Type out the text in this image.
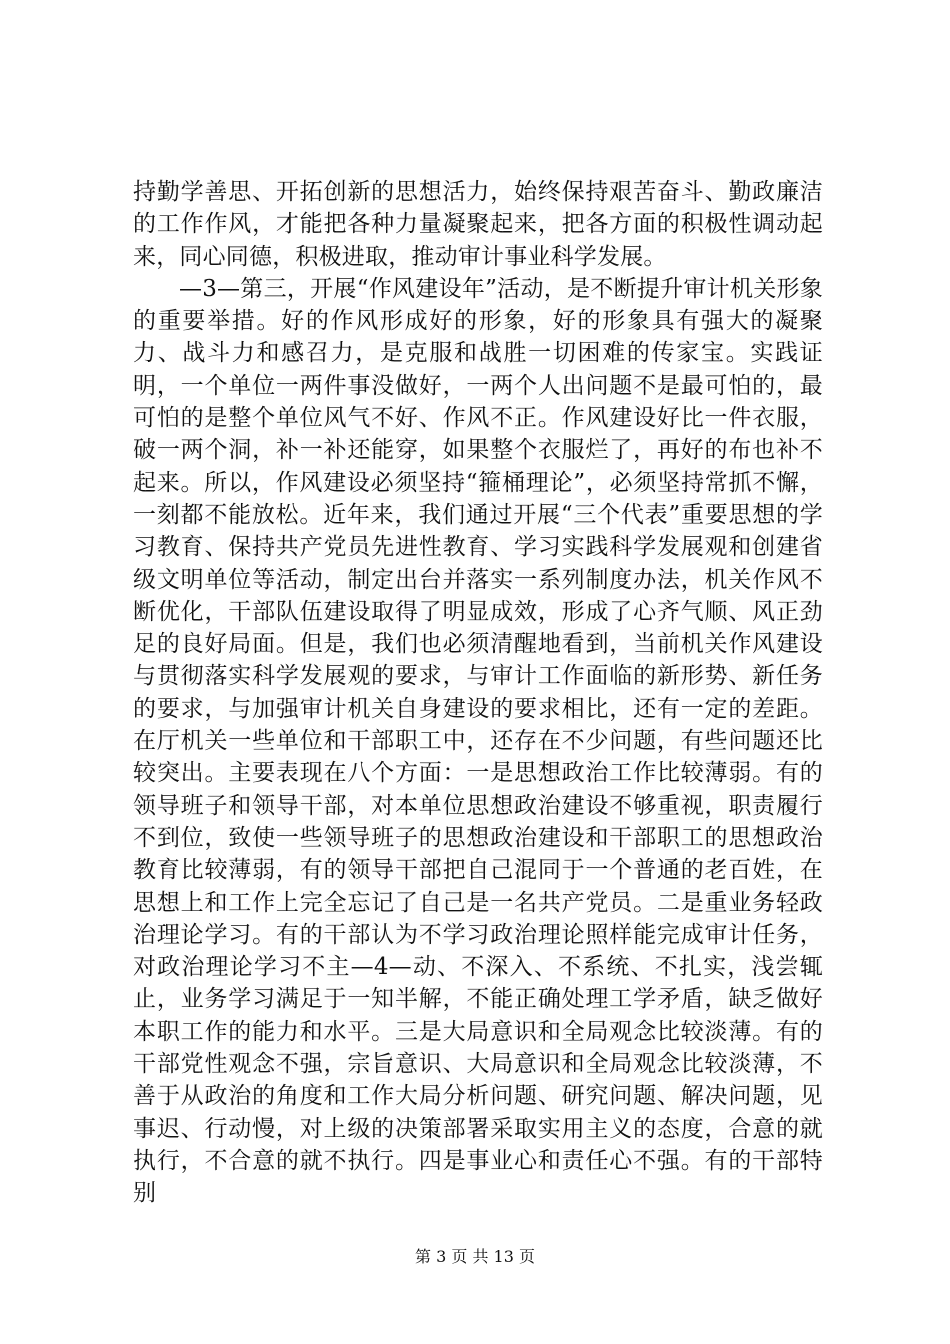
持勤学善思、开拓创新的思想活力，始终保持艰苦奋斗、勤政廉洁的工作作风，才能把各种力量凝聚起来，把各方面的积极性调动起来，同心同德，积极进取，推动审计事业科学发展。

—3—第三，开展“作风建设年”活动，是不断提升审计机关形象的重要举措。好的作风形成好的形象，好的形象具有强大的凝聚力、战斗力和感召力，是克服和战胜一切困难的传家宝。实践证明，一个单位一两件事没做好，一两个人出问题不是最可怕的，最可怕的是整个单位风气不好、作风不正。作风建设好比一件衣服，破一两个洞，补一补还能穿，如果整个衣服烂了，再好的布也补不起来。所以，作风建设必须坚持“箍桶理论”，必须坚持常抓不懈，一刻都不能放松。近年来，我们通过开展“三个代表”重要思想的学习教育、保持共产党员先进性教育、学习实践科学发展观和创建省级文明单位等活动，制定出台并落实一系列制度办法，机关作风不断优化，干部队伍建设取得了明显成效，形成了心齐气顺、风正劲足的良好局面。但是，我们也必须清醒地看到，当前机关作风建设与贯彻落实科学发展观的要求，与审计工作面临的新形势、新任务的要求，与加强审计机关自身建设的要求相比，还有一定的差距。在厅机关一些单位和干部职工中，还存在不少问题，有些问题还比较突出。主要表现在八个方面：一是思想政治工作比较薄弱。有的领导班子和领导干部，对本单位思想政治建设不够重视，职责履行不到位，致使一些领导班子的思想政治建设和干部职工的思想政治教育比较薄弱，有的领导干部把自己混同于一个普通的老百姓，在思想上和工作上完全忘记了自己是一名共产党员。二是重业务轻政治理论学习。有的干部认为不学习政治理论照样能完成审计任务，对政治理论学习不主—4—动、不深入、不系统、不扎实，浅尝辄止，业务学习满足于一知半解，不能正确处理工学矛盾，缺乏做好本职工作的能力和水平。三是大局意识和全局观念比较淡薄。有的干部党性观念不强，宗旨意识、大局意识和全局观念比较淡薄，不善于从政治的角度和工作大局分析问题、研究问题、解决问题，见事迟、行动慢，对上级的决策部署采取实用主义的态度，合意的就执行，不合意的就不执行。四是事业心和责任心不强。有的干部特别

第 3 页 共 13 页
